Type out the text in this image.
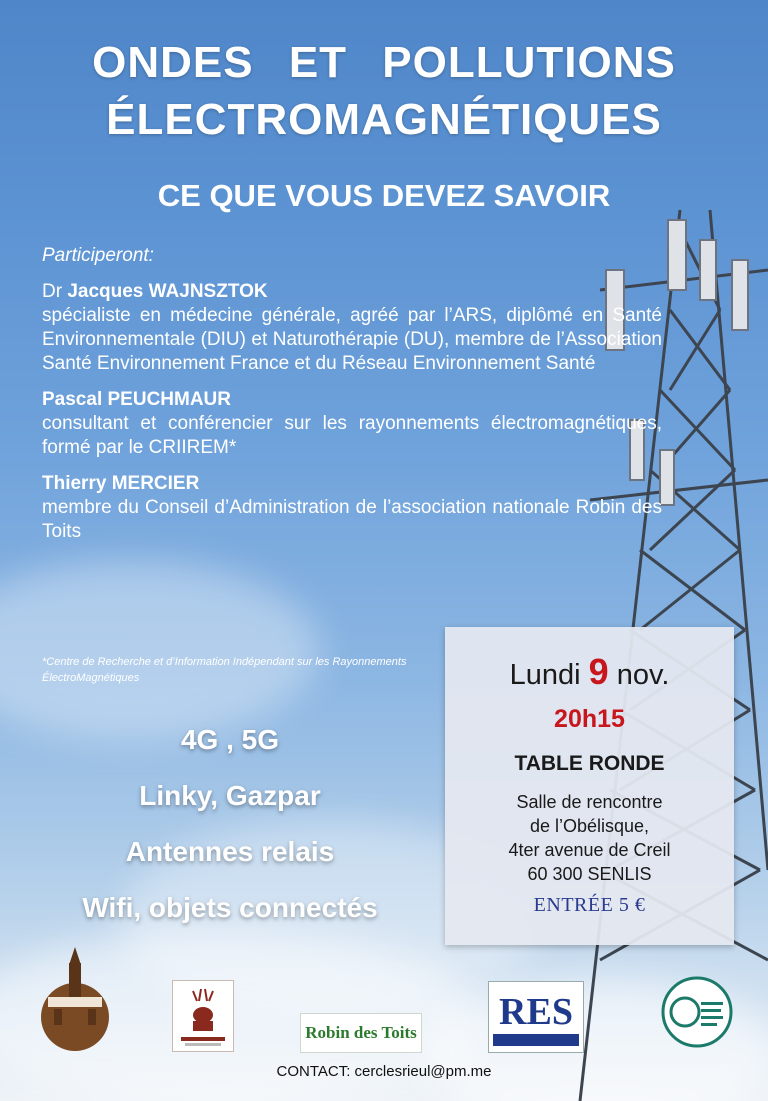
ONDES ET POLLUTIONS
ÉLECTROMAGNÉTIQUES
CE QUE VOUS DEVEZ SAVOIR
Participeront:
Dr Jacques WAJNSZTOK
spécialiste en médecine générale, agréé par l’ARS, diplômé en Santé Environnementale (DIU) et Naturothérapie (DU), membre de l’Association Santé Environnement France et du Réseau Environnement Santé
Pascal PEUCHMAUR
consultant et conférencier sur les rayonnements électromagnétiques, formé par le CRIIREM*
Thierry MERCIER
membre du Conseil d’Administration de l’association nationale Robin des Toits
*Centre de Recherche et d’Information Indépendant sur les Rayonnements ÉlectroMagnétiques
4G , 5G
Linky, Gazpar
Antennes relais
Wifi, objets connectés
Lundi 9 nov.
20h15
TABLE RONDE
Salle de rencontre
de l’Obélisque,
4ter avenue de Creil
60 300 SENLIS
ENTRÉE 5 €
Robin des Toits RES
CONTACT: cerclesrieul@pm.me
